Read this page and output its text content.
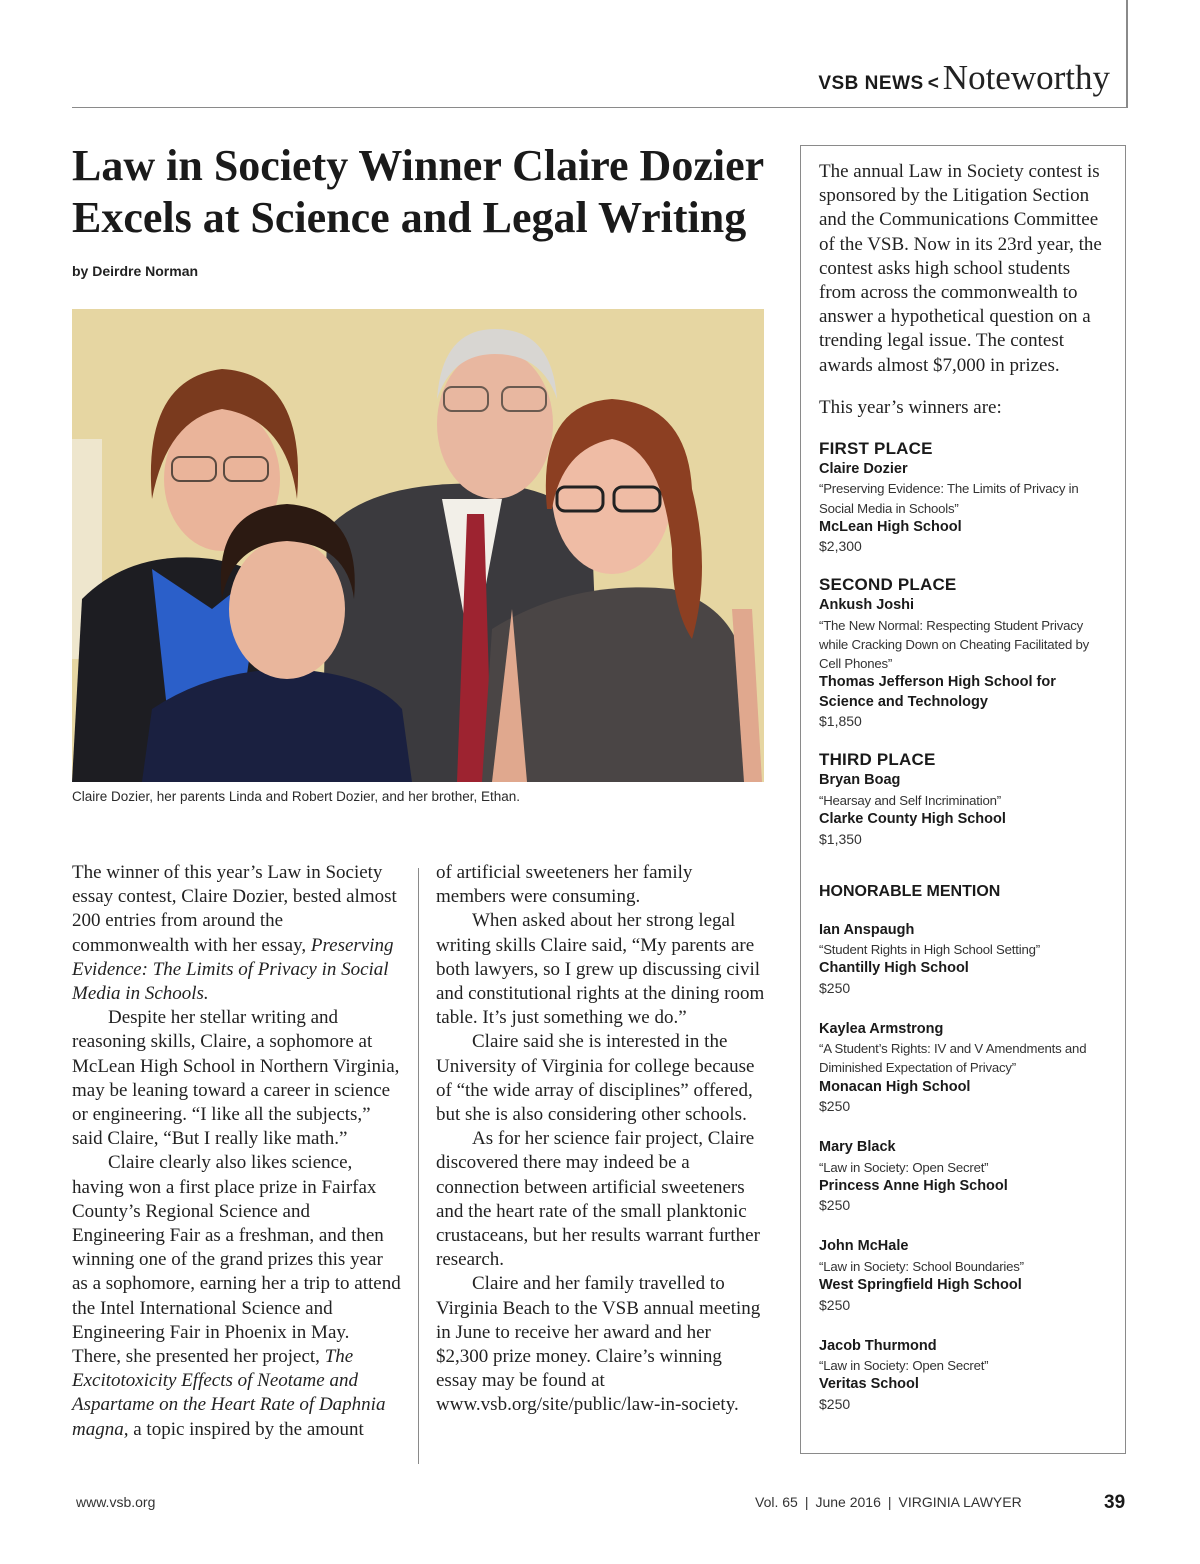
VSB NEWS < Noteworthy
Law in Society Winner Claire Dozier Excels at Science and Legal Writing
by Deirdre Norman
Claire Dozier, her parents Linda and Robert Dozier, and her brother, Ethan.

The winner of this year’s Law in Society essay contest, Claire Dozier, bested almost 200 entries from around the commonwealth with her essay, Preserving Evidence: The Limits of Privacy in Social Media in Schools.

Despite her stellar writing and reasoning skills, Claire, a sophomore at McLean High School in Northern Virginia, may be leaning toward a career in science or engineering. “I like all the subjects,” said Claire, “But I really like math.”

Claire clearly also likes science, having won a first place prize in Fairfax County’s Regional Science and Engineering Fair as a freshman, and then winning one of the grand prizes this year as a sophomore, earning her a trip to attend the Intel International Science and Engineering Fair in Phoenix in May. There, she presented her project, The Excitotoxicity Effects of Neotame and Aspartame on the Heart Rate of Daphnia magna, a topic inspired by the amount

of artificial sweeteners her family members were consuming.

When asked about her strong legal writing skills Claire said, “My parents are both lawyers, so I grew up discussing civil and constitutional rights at the dining room table. It’s just something we do.”

Claire said she is interested in the University of Virginia for college because of “the wide array of disciplines” offered, but she is also considering other schools.

As for her science fair project, Claire discovered there may indeed be a connection between artificial sweeteners and the heart rate of the small planktonic crustaceans, but her results warrant further research.

Claire and her family travelled to Virginia Beach to the VSB annual meeting in June to receive her award and her $2,300 prize money. Claire’s winning essay may be found at www.vsb.org/site/public/law-in-society.

The annual Law in Society contest is sponsored by the Litigation Section and the Communications Committee of the VSB. Now in its 23rd year, the contest asks high school students from across the commonwealth to answer a hypothetical question on a trending legal issue. The contest awards almost $7,000 in prizes.

This year’s winners are:

FIRST PLACE
Claire Dozier
“Preserving Evidence: The Limits of Privacy in Social Media in Schools”
McLean High School
$2,300
SECOND PLACE
Ankush Joshi
“The New Normal: Respecting Student Privacy while Cracking Down on Cheating Facilitated by Cell Phones”
Thomas Jefferson High School for Science and Technology
$1,850
THIRD PLACE
Bryan Boag
“Hearsay and Self Incrimination”
Clarke County High School
$1,350
HONORABLE MENTION
Ian Anspaugh
“Student Rights in High School Setting”
Chantilly High School
$250
Kaylea Armstrong
“A Student’s Rights: IV and V Amendments and Diminished Expectation of Privacy”
Monacan High School
$250
Mary Black
“Law in Society: Open Secret”
Princess Anne High School
$250
John McHale
“Law in Society: School Boundaries”
West Springfield High School
$250
Jacob Thurmond
“Law in Society: Open Secret”
Veritas School
$250
www.vsb.org	Vol. 65 | June 2016 | VIRGINIA LAWYER	39
